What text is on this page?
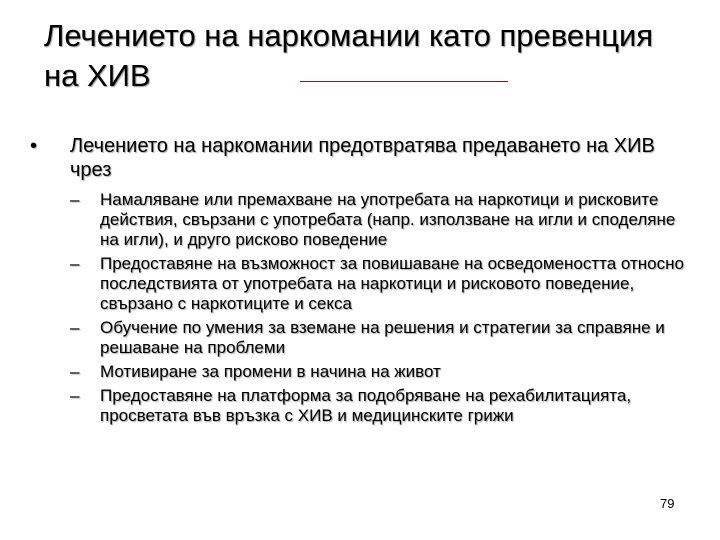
Лечението на наркомании като превенция на ХИВ
•	Лечението на наркомании предотвратява предаването на ХИВ чрез
–	Намаляване или премахване на употребата на наркотици и рисковите действия, свързани с употребата (напр. използване на игли и споделяне на игли), и друго рисково поведение
–	Предоставяне на възможност за повишаване на осведомеността относно последствията от употребата на наркотици и рисковото поведение, свързано с наркотиците и секса
–	Обучение по умения за вземане на решения и стратегии за справяне и решаване на проблеми
–	Мотивиране за промени в начина на живот
–	Предоставяне на платформа за подобряване на рехабилитацията, просветата във връзка с ХИВ и медицинските грижи
79
